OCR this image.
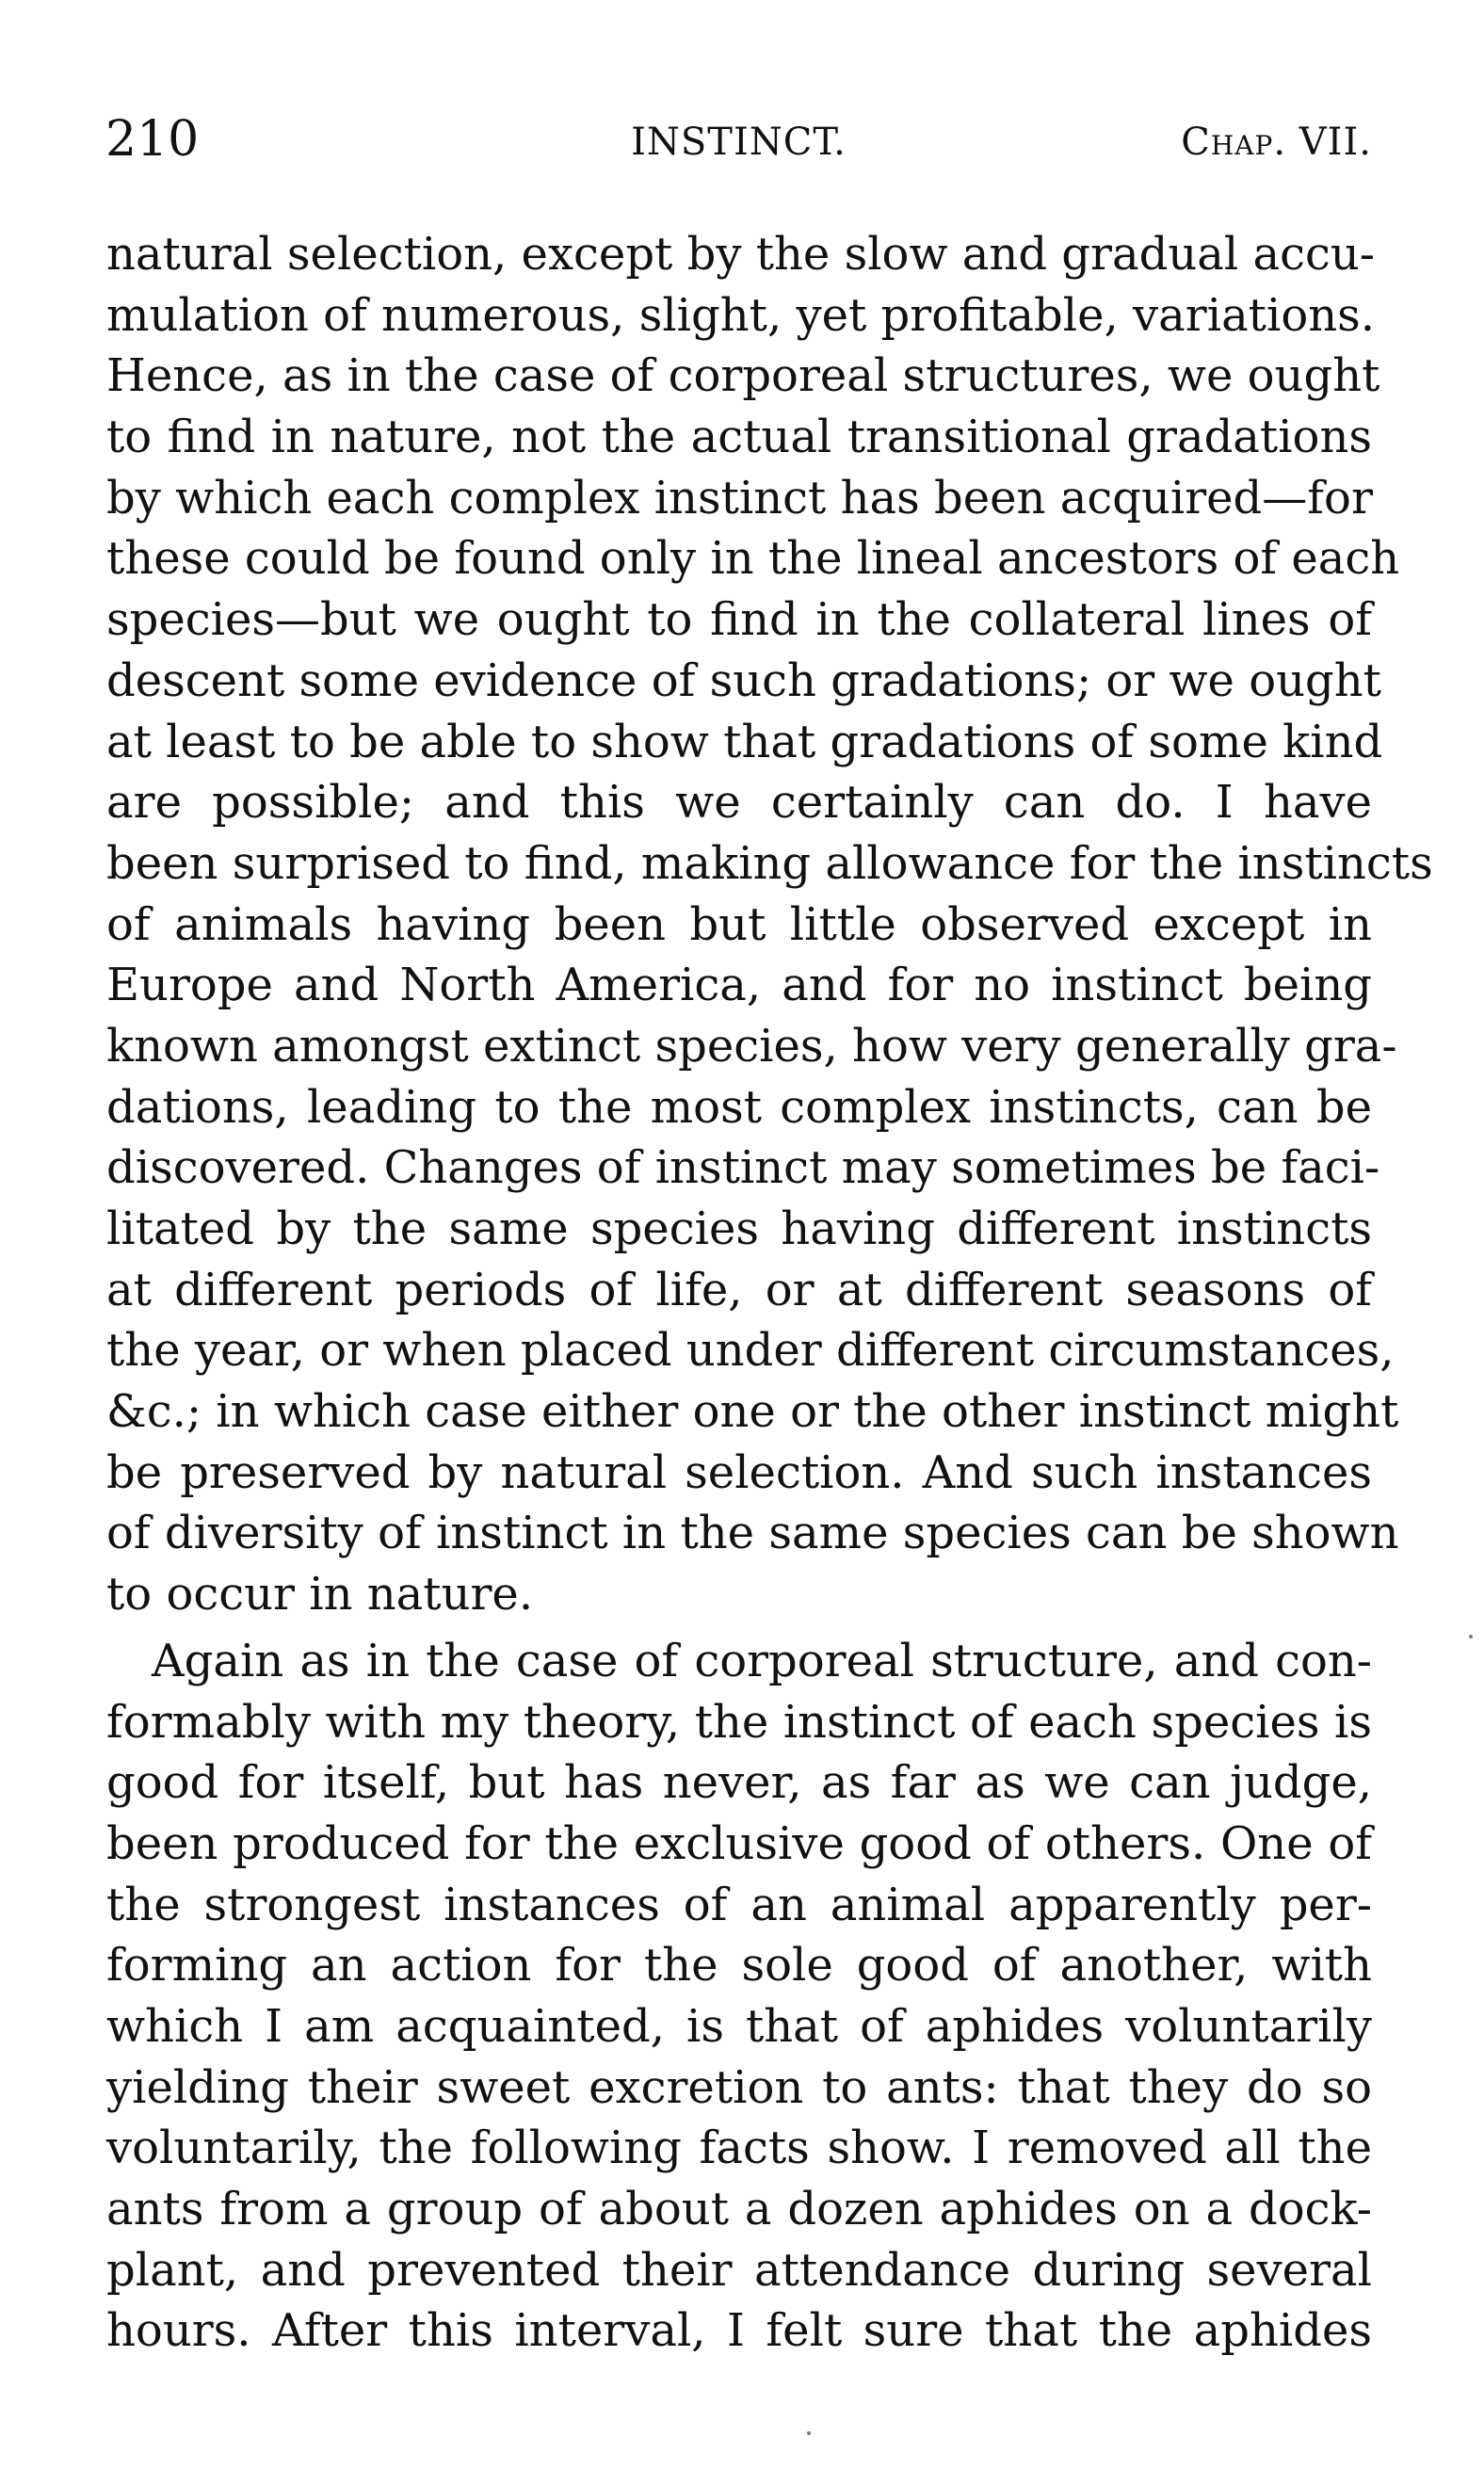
210	INSTINCT.	Chap. VII.
natural selection, except by the slow and gradual accu-
mulation of numerous, slight, yet profitable, variations.
Hence, as in the case of corporeal structures, we ought
to find in nature, not the actual transitional gradations
by which each complex instinct has been acquired—for
these could be found only in the lineal ancestors of each
species—but we ought to find in the collateral lines of
descent some evidence of such gradations; or we ought
at least to be able to show that gradations of some kind
are possible; and this we certainly can do. I have
been surprised to find, making allowance for the instincts
of animals having been but little observed except in
Europe and North America, and for no instinct being
known amongst extinct species, how very generally gra-
dations, leading to the most complex instincts, can be
discovered. Changes of instinct may sometimes be faci-
litated by the same species having different instincts
at different periods of life, or at different seasons of
the year, or when placed under different circumstances,
&c.; in which case either one or the other instinct might
be preserved by natural selection. And such instances
of diversity of instinct in the same species can be shown
to occur in nature.
Again as in the case of corporeal structure, and con-
formably with my theory, the instinct of each species is
good for itself, but has never, as far as we can judge,
been produced for the exclusive good of others. One of
the strongest instances of an animal apparently per-
forming an action for the sole good of another, with
which I am acquainted, is that of aphides voluntarily
yielding their sweet excretion to ants: that they do so
voluntarily, the following facts show. I removed all the
ants from a group of about a dozen aphides on a dock-
plant, and prevented their attendance during several
hours. After this interval, I felt sure that the aphides
